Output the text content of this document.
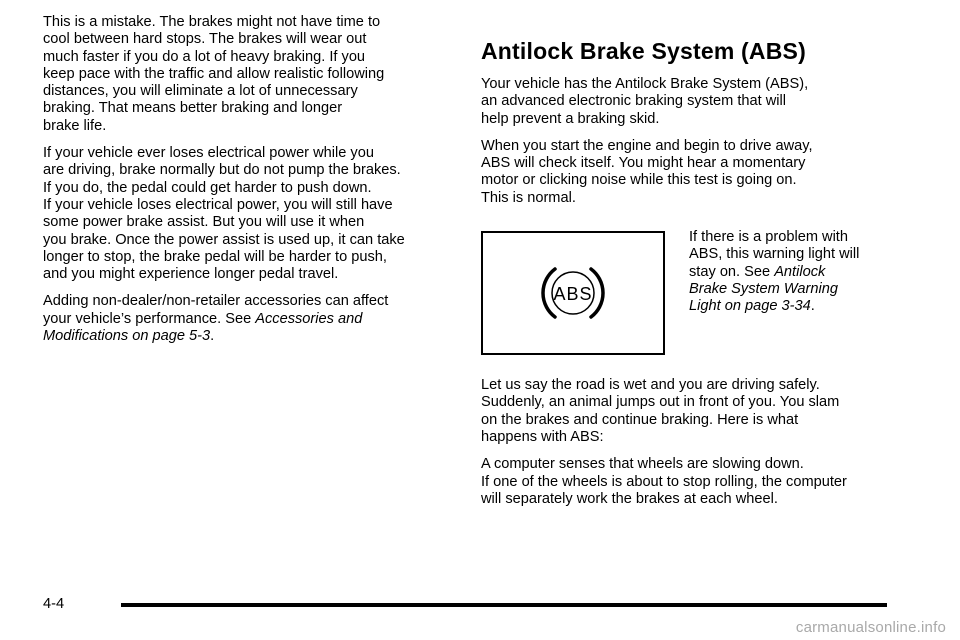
This is a mistake. The brakes might not have time to
cool between hard stops. The brakes will wear out
much faster if you do a lot of heavy braking. If you
keep pace with the traffic and allow realistic following
distances, you will eliminate a lot of unnecessary
braking. That means better braking and longer
brake life.

If your vehicle ever loses electrical power while you
are driving, brake normally but do not pump the brakes.
If you do, the pedal could get harder to push down.
If your vehicle loses electrical power, you will still have
some power brake assist. But you will use it when
you brake. Once the power assist is used up, it can take
longer to stop, the brake pedal will be harder to push,
and you might experience longer pedal travel.

Adding non-dealer/non-retailer accessories can affect
your vehicle’s performance. See Accessories and
Modifications on page 5-3.

Antilock Brake System (ABS)

Your vehicle has the Antilock Brake System (ABS),
an advanced electronic braking system that will
help prevent a braking skid.

When you start the engine and begin to drive away,
ABS will check itself. You might hear a momentary
motor or clicking noise while this test is going on.
This is normal.

ABS

If there is a problem with
ABS, this warning light will
stay on. See Antilock
Brake System Warning
Light on page 3-34.

Let us say the road is wet and you are driving safely.
Suddenly, an animal jumps out in front of you. You slam
on the brakes and continue braking. Here is what
happens with ABS:

A computer senses that wheels are slowing down.
If one of the wheels is about to stop rolling, the computer
will separately work the brakes at each wheel.

4-4
carmanualsonline.info
